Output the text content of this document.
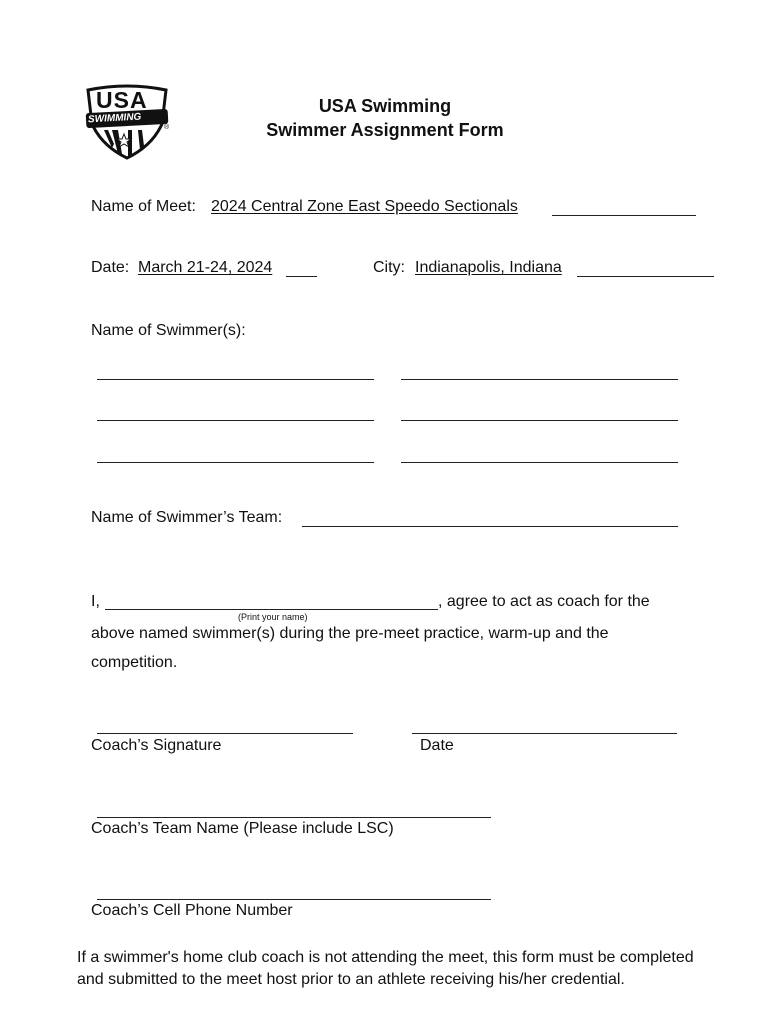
USA
SWIMMING
®
USA Swimming
Swimmer Assignment Form
Name of Meet: 2024 Central Zone East Speedo Sectionals
Date: March 21-24, 2024	City: Indianapolis, Indiana
Name of Swimmer(s):
Name of Swimmer’s Team:
I,	, agree to act as coach for the
(Print your name)
above named swimmer(s) during the pre-meet practice, warm-up and the
competition.
Coach’s Signature	Date
Coach’s Team Name (Please include LSC)
Coach’s Cell Phone Number
If a swimmer's home club coach is not attending the meet, this form must be completed and submitted to the meet host prior to an athlete receiving his/her credential.
